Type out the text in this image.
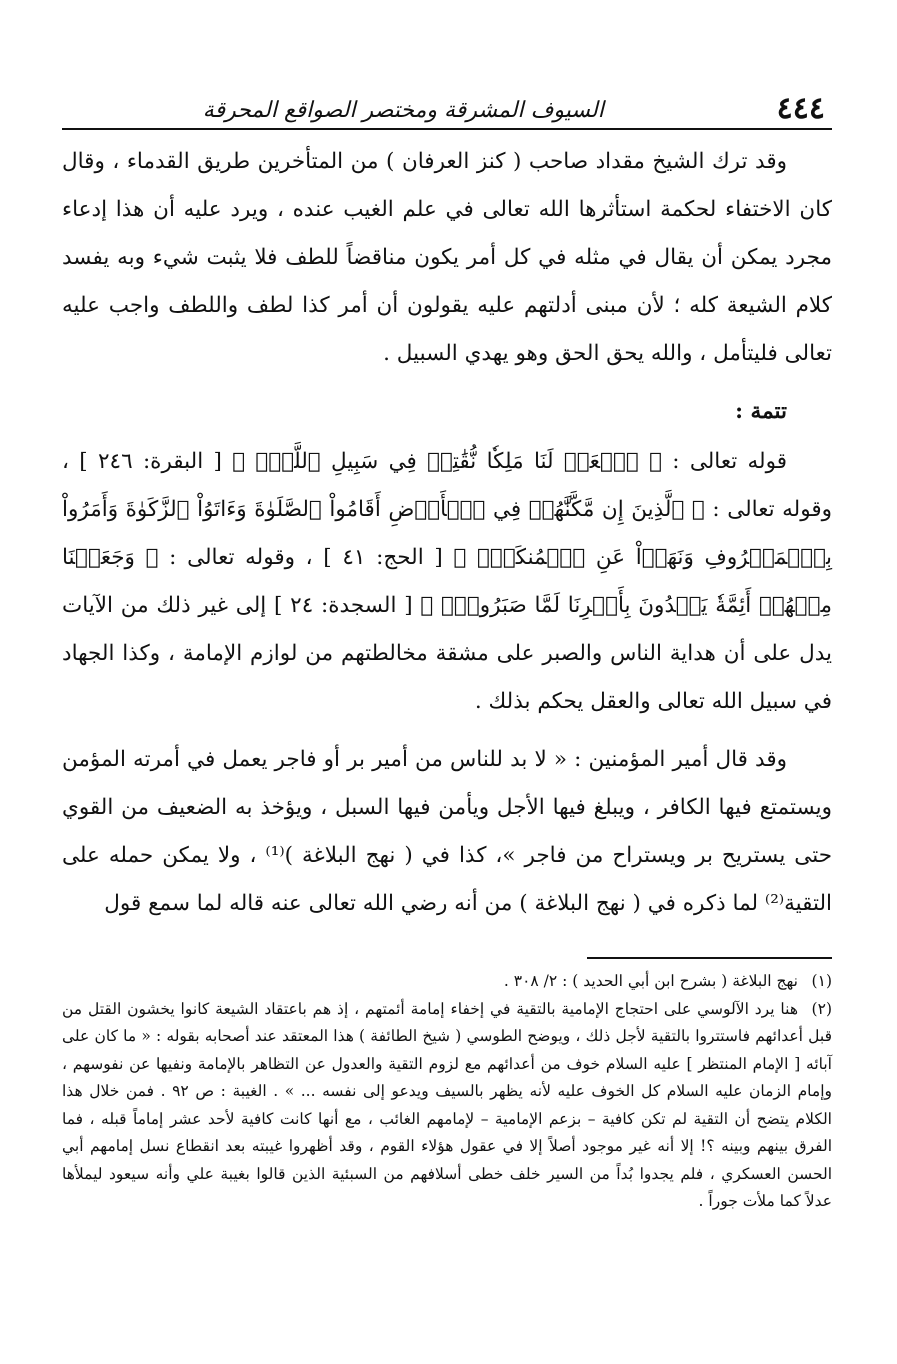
٤٤٤
السيوف المشرقة ومختصر الصواقع المحرقة

وقد ترك الشيخ مقداد صاحب ( كنز العرفان ) من المتأخرين طريق القدماء ، وقال كان الاختفاء لحكمة استأثرها الله تعالى في علم الغيب عنده ، ويرد عليه أن هذا إدعاء مجرد يمكن أن يقال في مثله في كل أمر يكون مناقضاً للطف فلا يثبت شيء وبه يفسد كلام الشيعة كله ؛ لأن مبنى أدلتهم عليه يقولون أن أمر كذا لطف واللطف واجب عليه تعالى فليتأمل ، والله يحق الحق وهو يهدي السبيل .

تتمة :

قوله تعالى : ﴿ ٱبۡعَثۡ لَنَا مَلِكٗا نُّقَٰتِلۡ فِي سَبِيلِ ٱللَّهِۖ ﴾ [ البقرة: ٢٤٦ ] ، وقوله تعالى : ﴿ ٱلَّذِينَ إِن مَّكَّنَّٰهُمۡ فِي ٱلۡأَرۡضِ أَقَامُواْ ٱلصَّلَوٰةَ وَءَاتَوُاْ ٱلزَّكَوٰةَ وَأَمَرُواْ بِٱلۡمَعۡرُوفِ وَنَهَوۡاْ عَنِ ٱلۡمُنكَرِۗ ﴾ [ الحج: ٤١ ] ، وقوله تعالى : ﴿ وَجَعَلۡنَا مِنۡهُمۡ أَئِمَّةٗ يَهۡدُونَ بِأَمۡرِنَا لَمَّا صَبَرُواْۖ ﴾ [ السجدة: ٢٤ ] إلى غير ذلك من الآيات يدل على أن هداية الناس والصبر على مشقة مخالطتهم من لوازم الإمامة ، وكذا الجهاد في سبيل الله تعالى والعقل يحكم بذلك .

وقد قال أمير المؤمنين : « لا بد للناس من أمير بر أو فاجر يعمل في أمرته المؤمن ويستمتع فيها الكافر ، ويبلغ فيها الأجل ويأمن فيها السبل ، ويؤخذ به الضعيف من القوي حتى يستريح بر ويستراح من فاجر »، كذا في ( نهج البلاغة )⁽¹⁾ ، ولا يمكن حمله على التقية⁽²⁾ لما ذكره في ( نهج البلاغة ) من أنه رضي الله تعالى عنه قاله لما سمع قول

(١)نهج البلاغة ( بشرح ابن أبي الحديد ) : ٢/ ٣٠٨ .

(٢)هنا يرد الآلوسي على احتجاج الإمامية بالتقية في إخفاء إمامة أئمتهم ، إذ هم باعتقاد الشيعة كانوا يخشون القتل من قبل أعدائهم فاستتروا بالتقية لأجل ذلك ، ويوضح الطوسي ( شيخ الطائفة ) هذا المعتقد عند أصحابه بقوله : « ما كان على آبائه [ الإمام المنتظر ] عليه السلام خوف من أعدائهم مع لزوم التقية والعدول عن التظاهر بالإمامة ونفيها عن نفوسهم ، وإمام الزمان عليه السلام كل الخوف عليه لأنه يظهر بالسيف ويدعو إلى نفسه ... » . الغيبة : ص ٩٢ . فمن خلال هذا الكلام يتضح أن التقية لم تكن كافية – بزعم الإمامية – لإمامهم الغائب ، مع أنها كانت كافية لأحد عشر إماماً قبله ، فما الفرق بينهم وبينه ؟! إلا أنه غير موجود أصلاً إلا في عقول هؤلاء القوم ، وقد أظهروا غيبته بعد انقطاع نسل إمامهم أبي الحسن العسكري ، فلم يجدوا بُداً من السير خلف خطى أسلافهم من السبئية الذين قالوا بغيبة علي وأنه سيعود ليملأها عدلاً كما ملأت جوراً .
